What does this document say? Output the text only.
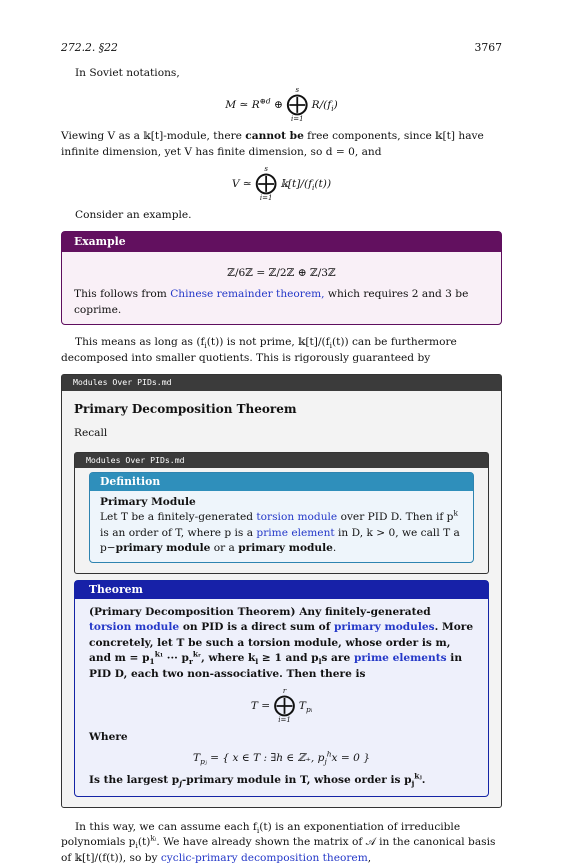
272.2. §22	3767

In Soviet notations,

M ≃ $R^{\oplus d}$ ⊕
s
⨁
i=1
$R/(f_i)$

Viewing V as a 𝕜[t]-module, there cannot be free components, since 𝕜[t] have infinite dimension, yet V has finite dimension, so d = 0, and

V ≃
s
⨁
i=1
$𝕜[t]/(f_i(t))$

Consider an example.

Example
ℤ/6ℤ = ℤ/2ℤ ⊕ ℤ/3ℤ

This follows from Chinese remainder theorem, which requires 2 and 3 be coprime.

This means as long as $(f_i(t))$ is not prime, $𝕜[t]/(f_i(t))$ can be furthermore decomposed into smaller quotients. This is rigorously guaranteed by

Modules Over PIDs.md
Primary Decomposition Theorem

Recall

Modules Over PIDs.md
Definition

Primary Module

Let T be a finitely-generated torsion module over PID D. Then if $p^k$ is an order of T, where p is a prime element in D, k > 0, we call T a p−primary module or a primary module.

Theorem

(Primary Decomposition Theorem) Any finitely-generated torsion module on PID is a direct sum of primary modules. More concretely, let T be such a torsion module, whose order is m, and $m = p_1^{k_1}$ ··· $p_r^{kᵣ}$, where $k_l \ge 1$ and $p_ls$ are prime elements in PID D, each two non-associative. Then there is

T =
r
⨁
i=1
$T_{pᵢ}$

Where

$T_{pⱼ}$ = { x ∈ T : ∃h ∈ ℤ₊, $p_j^hx = 0$ }

Is the largest $p_j$-primary module in T, whose order is $p_j^{kⱼ}$.

In this way, we can assume each $f_i(t)$ is an exponentiation of irreducible polynomials $p_i(t)^{kᵢ}$. We have already shown the matrix of 𝒜 in the canonical basis of 𝕜[t]/(f(t)), so by cyclic-primary decomposition theorem,
